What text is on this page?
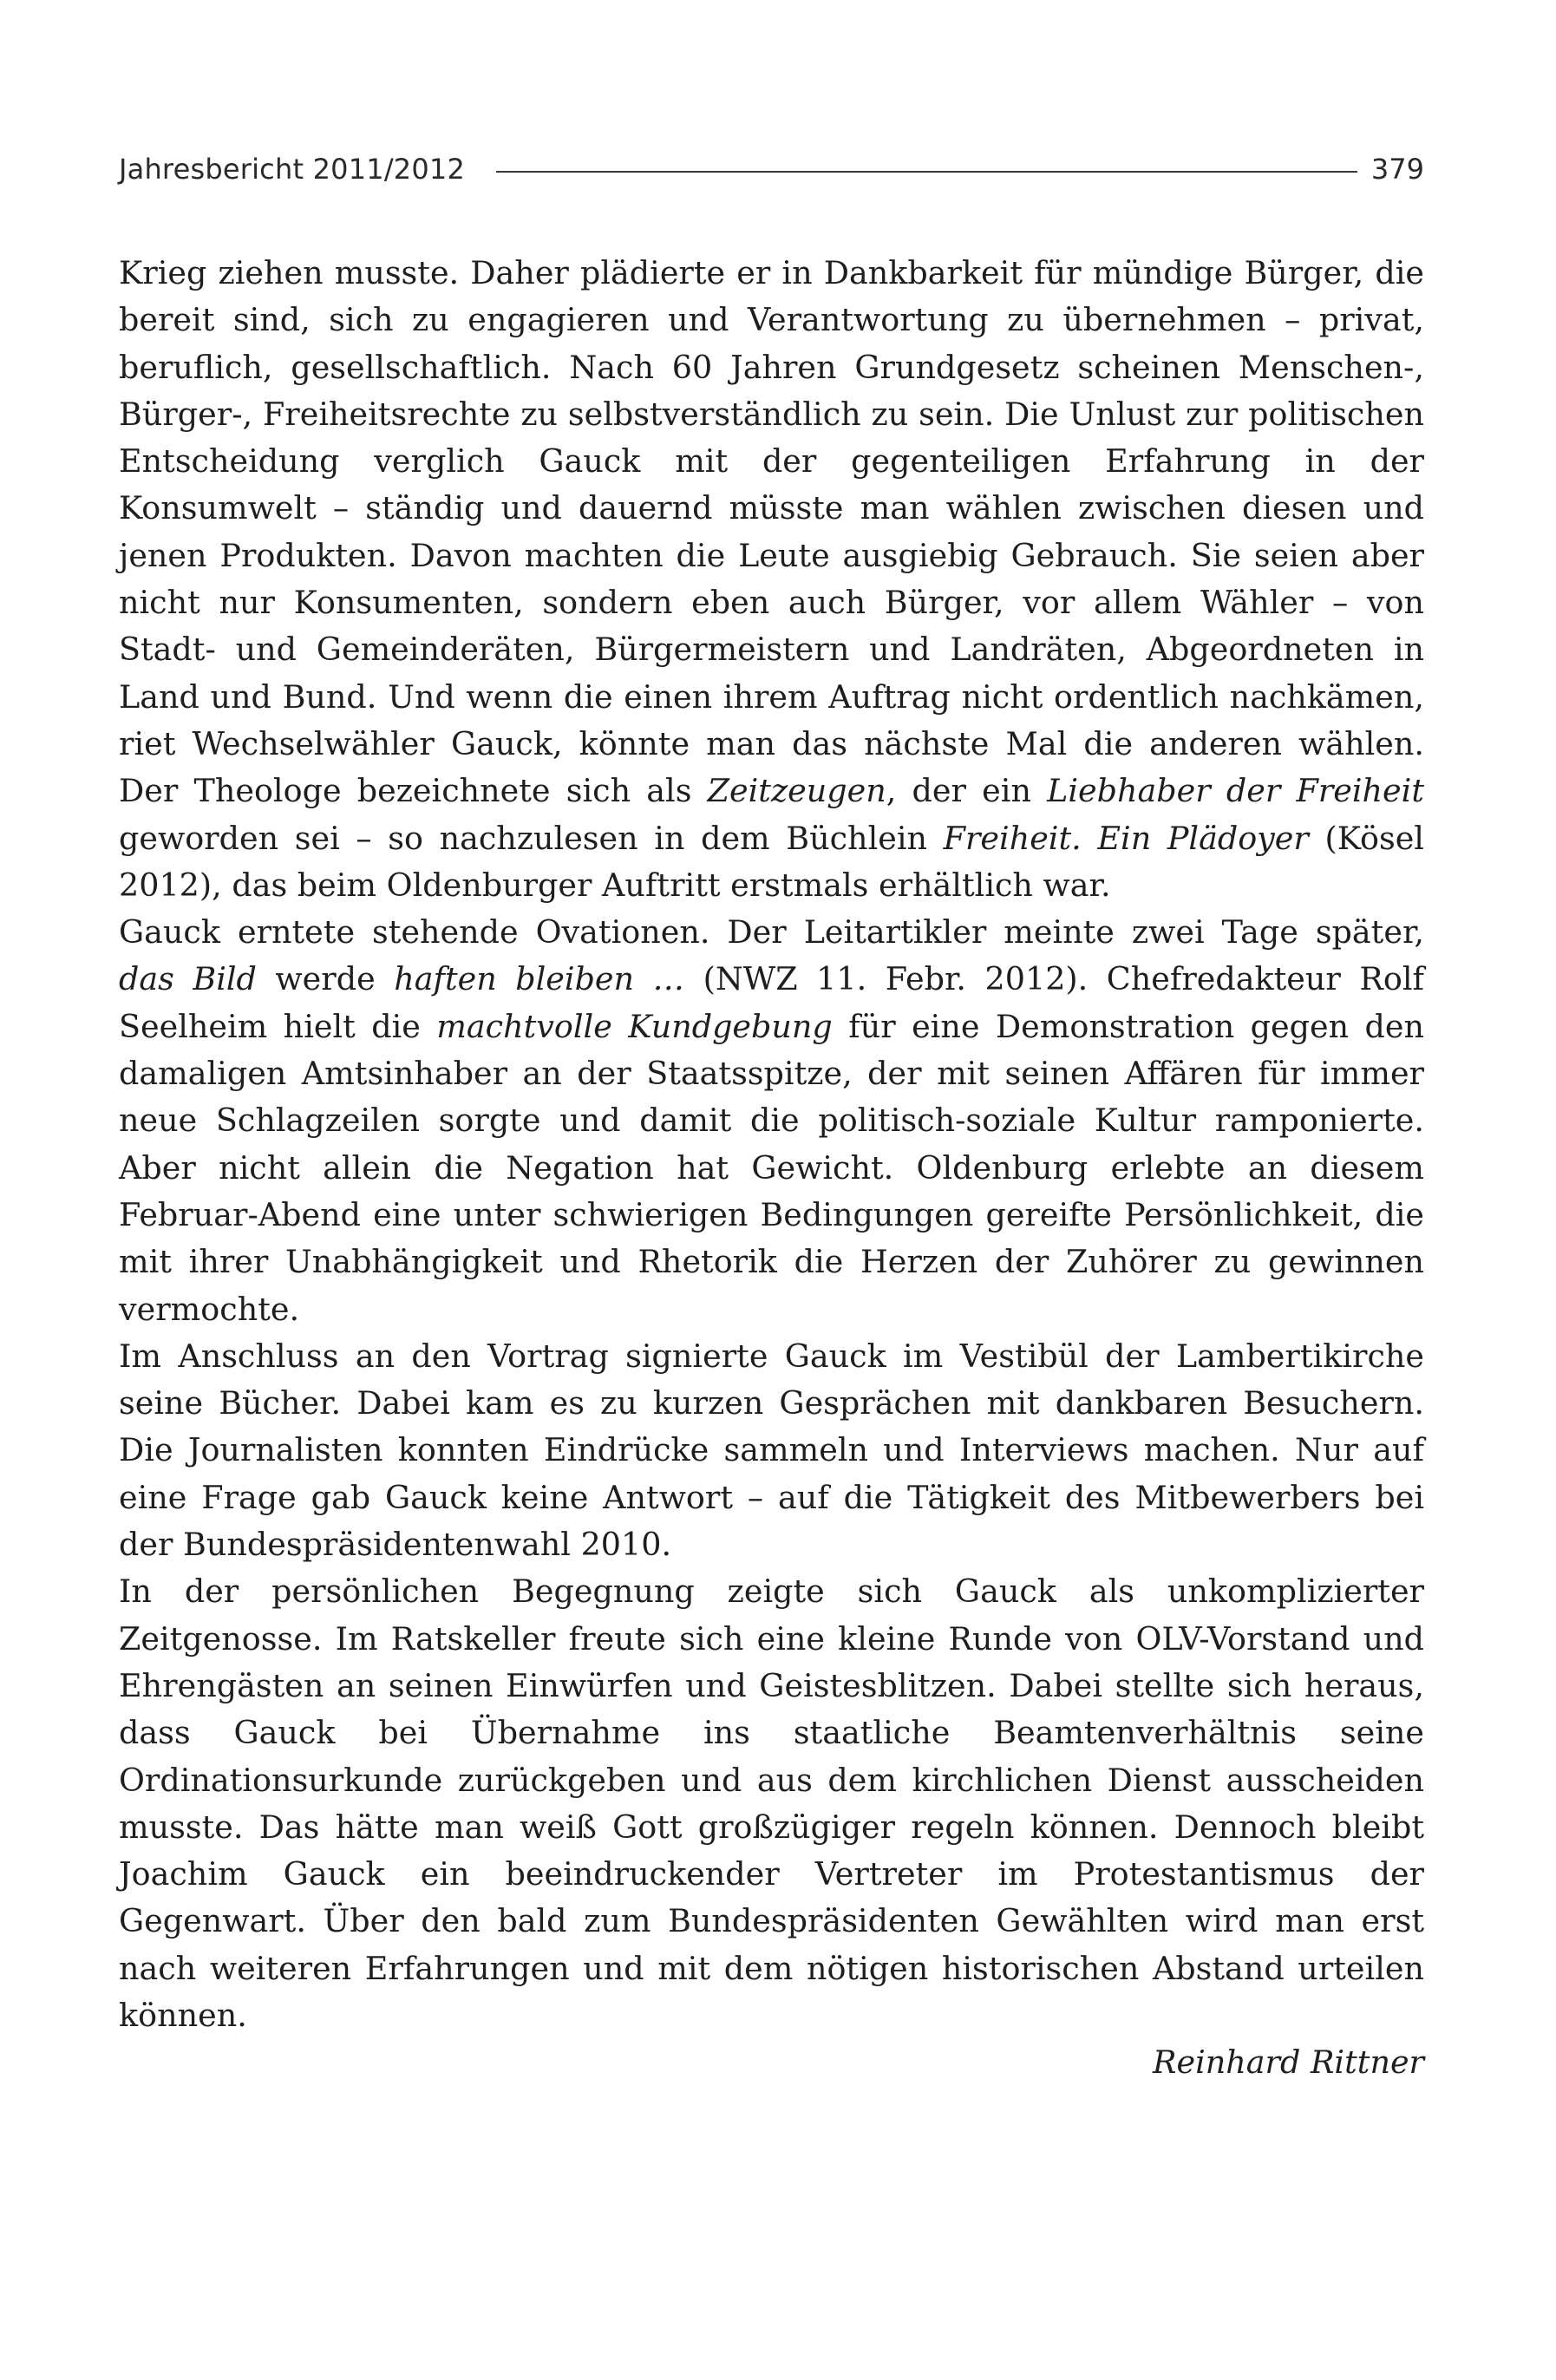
Jahresbericht 2011/2012	379

Krieg ziehen musste. Daher plädierte er in Dankbarkeit für mündige Bürger, die bereit sind, sich zu engagieren und Verantwortung zu übernehmen – privat, beruflich, gesellschaftlich. Nach 60 Jahren Grundgesetz scheinen Menschen-, Bürger-, Freiheitsrechte zu selbstverständlich zu sein. Die Unlust zur politischen Entscheidung verglich Gauck mit der gegenteiligen Erfahrung in der Konsumwelt – ständig und dauernd müsste man wählen zwischen diesen und jenen Produkten. Davon machten die Leute ausgiebig Gebrauch. Sie seien aber nicht nur Konsumenten, sondern eben auch Bürger, vor allem Wähler – von Stadt- und Gemeinderäten, Bürgermeistern und Landräten, Abgeordneten in Land und Bund. Und wenn die einen ihrem Auftrag nicht ordentlich nachkämen, riet Wechselwähler Gauck, könnte man das nächste Mal die anderen wählen. Der Theologe bezeichnete sich als Zeitzeugen, der ein Liebhaber der Freiheit geworden sei – so nachzulesen in dem Büchlein Freiheit. Ein Plädoyer (Kösel 2012), das beim Oldenburger Auftritt erstmals erhältlich war.

Gauck erntete stehende Ovationen. Der Leitartikler meinte zwei Tage später, das Bild werde haften bleiben … (NWZ 11. Febr. 2012). Chefredakteur Rolf Seelheim hielt die machtvolle Kundgebung für eine Demonstration gegen den damaligen Amtsinhaber an der Staatsspitze, der mit seinen Affären für immer neue Schlagzeilen sorgte und damit die politisch-soziale Kultur ramponierte. Aber nicht allein die Negation hat Gewicht. Oldenburg erlebte an diesem Februar-Abend eine unter schwierigen Bedingungen gereifte Persönlichkeit, die mit ihrer Unabhängigkeit und Rhetorik die Herzen der Zuhörer zu gewinnen vermochte.

Im Anschluss an den Vortrag signierte Gauck im Vestibül der Lambertikirche seine Bücher. Dabei kam es zu kurzen Gesprächen mit dankbaren Besuchern. Die Journalisten konnten Eindrücke sammeln und Interviews machen. Nur auf eine Frage gab Gauck keine Antwort – auf die Tätigkeit des Mitbewerbers bei der Bundespräsidentenwahl 2010.

In der persönlichen Begegnung zeigte sich Gauck als unkomplizierter Zeitgenosse. Im Ratskeller freute sich eine kleine Runde von OLV-Vorstand und Ehrengästen an seinen Einwürfen und Geistesblitzen. Dabei stellte sich heraus, dass Gauck bei Übernahme ins staatliche Beamtenverhältnis seine Ordinationsurkunde zurückgeben und aus dem kirchlichen Dienst ausscheiden musste. Das hätte man weiß Gott großzügiger regeln können. Dennoch bleibt Joachim Gauck ein beeindruckender Vertreter im Protestantismus der Gegenwart. Über den bald zum Bundespräsidenten Gewählten wird man erst nach weiteren Erfahrungen und mit dem nötigen historischen Abstand urteilen können.

Reinhard Rittner
